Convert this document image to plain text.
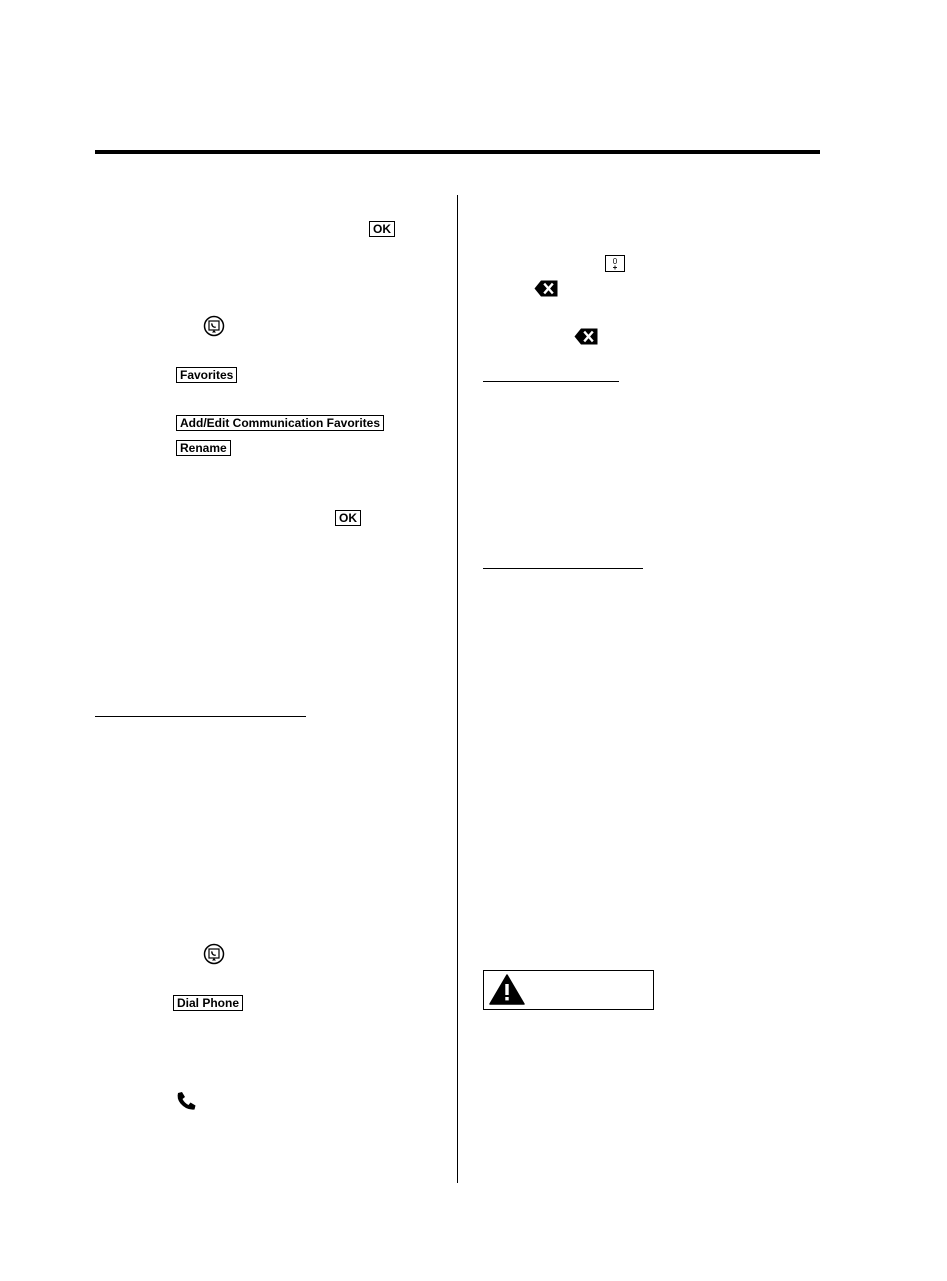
OK
Favorites
Add/Edit Communication Favorites
Rename
OK
Dial Phone
0
